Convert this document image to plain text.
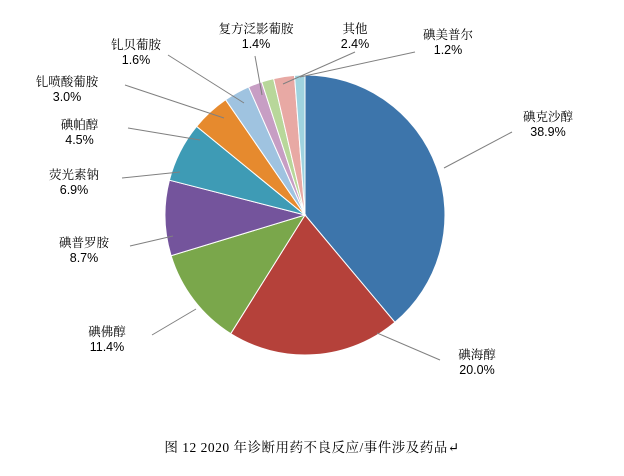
碘克沙醇
38.9%
碘海醇
20.0%
碘佛醇
11.4%
碘普罗胺
8.7%
荧光素钠
6.9%
碘帕醇
4.5%
钆喷酸葡胺
3.0%
钆贝葡胺
1.6%
复方泛影葡胺
1.4%
其他
2.4%
碘美普尔
1.2%
图 12 2020 年诊断用药不良反应/事件涉及药品↵
